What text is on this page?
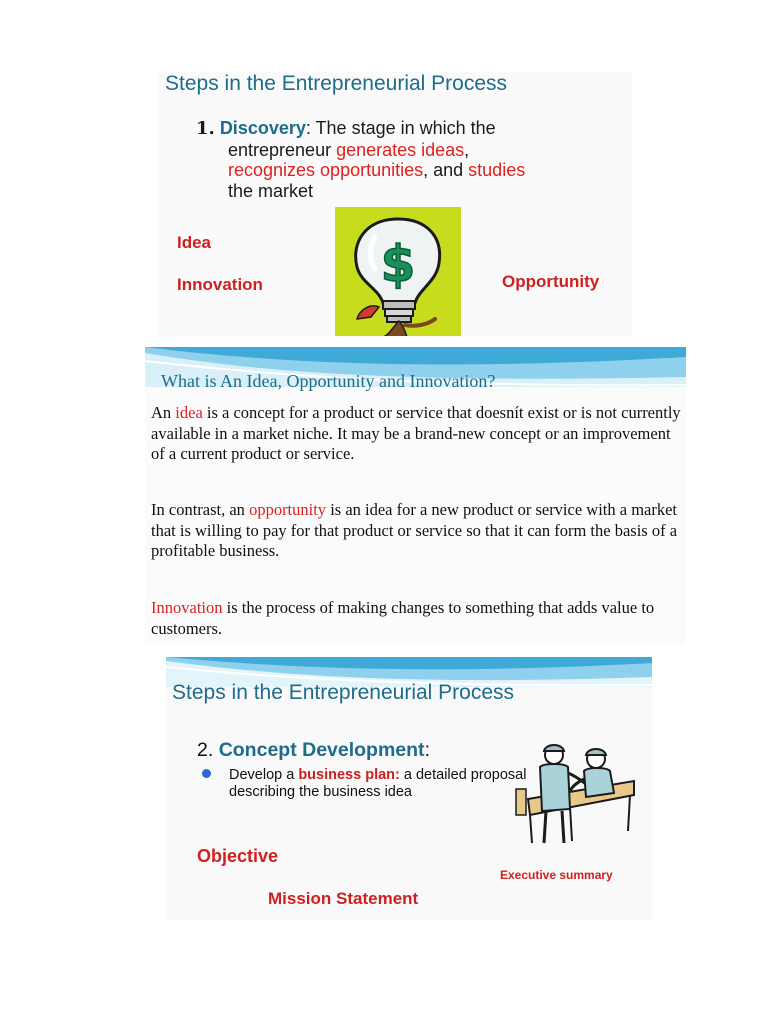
Steps in the Entrepreneurial Process
1. Discovery: The stage in which the
entrepreneur generates ideas,
recognizes opportunities, and studies
the market
Idea
Innovation	Opportunity
$
What is An Idea, Opportunity and Innovation?
An idea is a concept for a product or service that doesnít exist or is not currently available in a market niche. It may be a brand-new concept or an improvement of a current product or service.
In contrast, an opportunity is an idea for a new product or service with a market that is willing to pay for that product or service so that it can form the basis of a profitable business.
Innovation is the process of making changes to something that adds value to customers.
Steps in the Entrepreneurial Process
2. Concept Development:
Develop a business plan: a detailed proposal describing the business idea
Objective
Executive summary
Mission Statement
